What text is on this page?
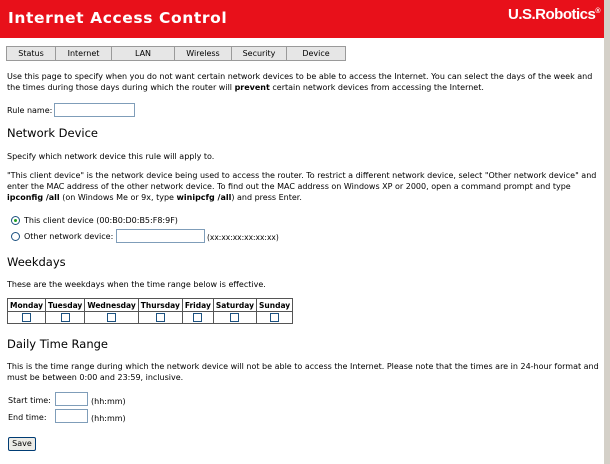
Internet Access Control	U.S.Robotics®
Status	Internet	LAN	Wireless	Security	Device
Use this page to specify when you do not want certain network devices to be able to access the Internet. You can select the days of the week and the times during those days during which the router will prevent certain network devices from accessing the Internet.
Rule name:
Network Device
Specify which network device this rule will apply to.
"This client device" is the network device being used to access the router. To restrict a different network device, select "Other network device" and enter the MAC address of the other network device. To find out the MAC address on Windows XP or 2000, open a command prompt and type ipconfig /all (on Windows Me or 9x, type winipcfg /all) and press Enter.
This client device (00:B0:D0:B5:F8:9F)
Other network device:	(xx:xx:xx:xx:xx:xx)
Weekdays
These are the weekdays when the time range below is effective.
Monday	Tuesday	Wednesday	Thursday	Friday	Saturday	Sunday

Daily Time Range
This is the time range during which the network device will not be able to access the Internet. Please note that the times are in 24-hour format and must be between 0:00 and 23:59, inclusive.
Start time:	(hh:mm)
End time:	(hh:mm)
Save
